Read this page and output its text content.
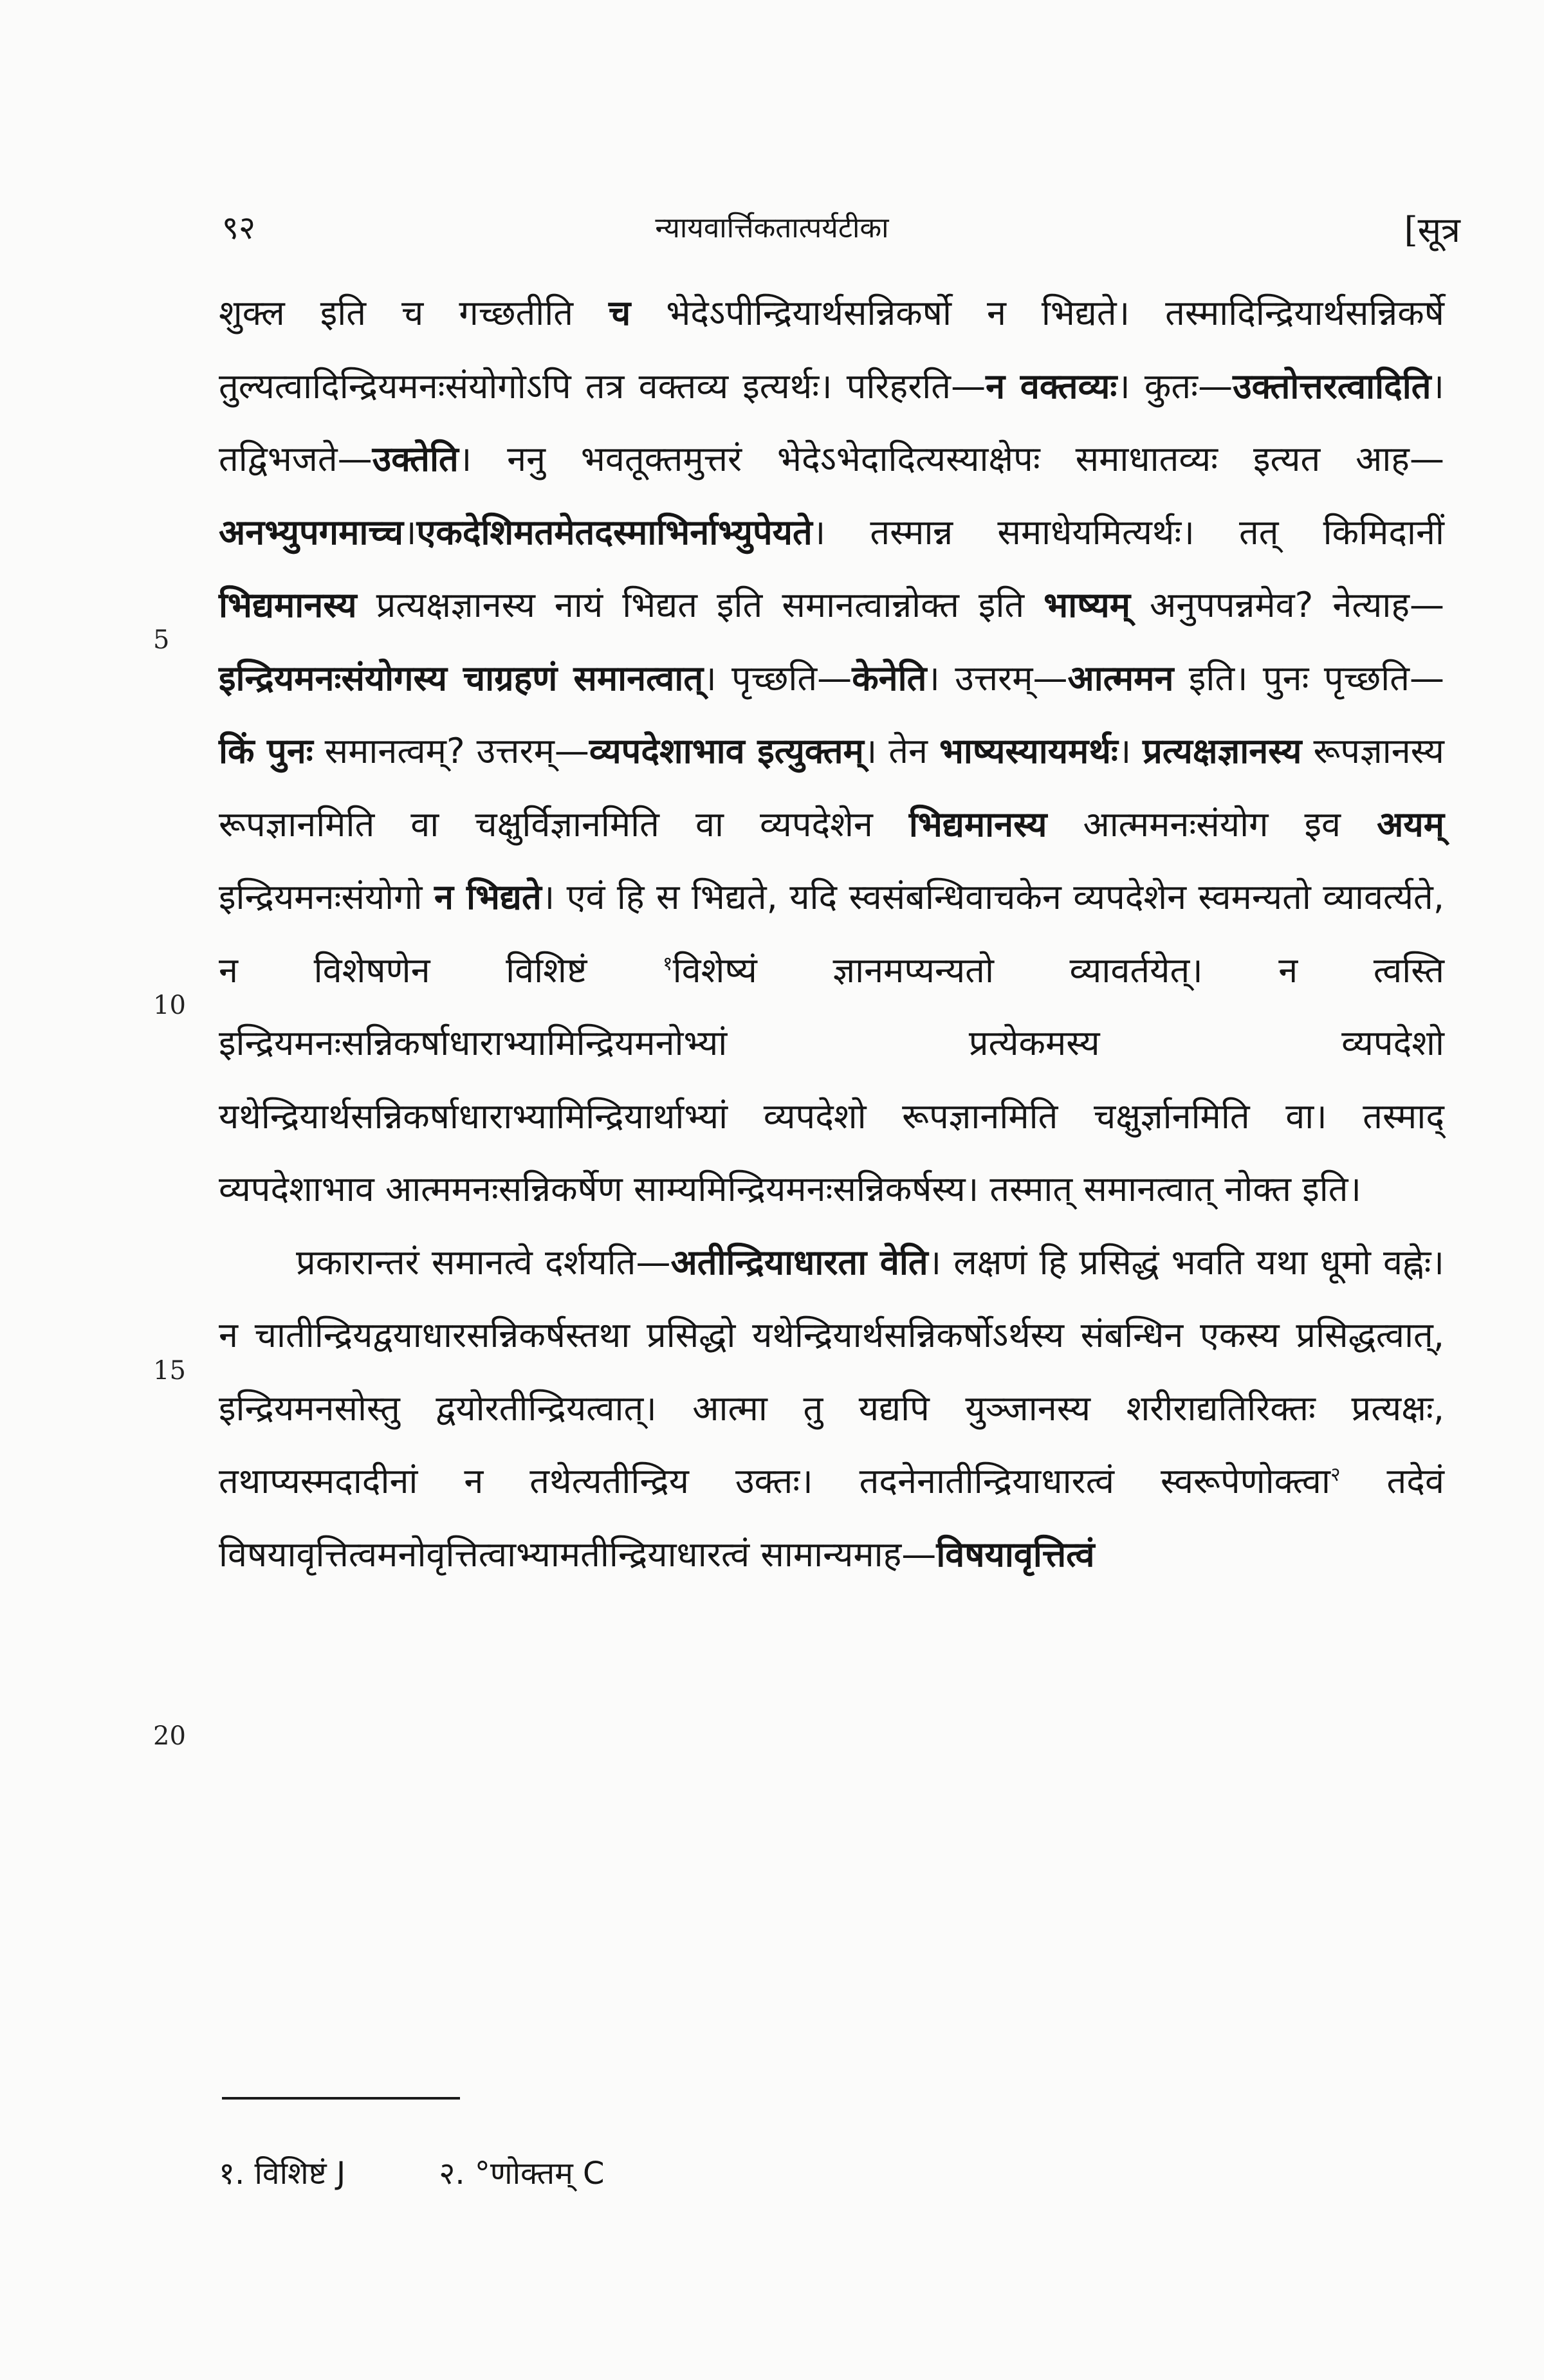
९२	न्यायवार्त्तिकतात्पर्यटीका	[सूत्र
5
10
15
20

शुक्ल इति च गच्छतीति च भेदेऽपीन्द्रियार्थसन्निकर्षो न भिद्यते। तस्मादिन्द्रियार्थसन्निकर्षे तुल्यत्वादिन्द्रियमनःसंयोगोऽपि तत्र वक्तव्य इत्यर्थः। परिहरति—न वक्तव्यः। कुतः—उक्तोत्तरत्वादिति। तद्विभजते—उक्तेति। ननु भवतूक्तमुत्तरं भेदेऽभेदादित्यस्याक्षेपः समाधातव्यः इत्यत आह—अनभ्युपगमाच्च।एकदेशिमतमेतदस्माभिर्नाभ्युपेयते। तस्मान्न समाधेयमित्यर्थः। तत् किमिदानीं भिद्यमानस्य प्रत्यक्षज्ञानस्य नायं भिद्यत इति समानत्वान्नोक्त इति भाष्यम् अनुपपन्नमेव? नेत्याह—इन्द्रियमनःसंयोगस्य चाग्रहणं समानत्वात्। पृच्छति—केनेति। उत्तरम्—आत्ममन इति। पुनः पृच्छति—किं पुनः समानत्वम्? उत्तरम्—व्यपदेशाभाव इत्युक्तम्। तेन भाष्यस्यायमर्थः। प्रत्यक्षज्ञानस्य रूपज्ञानस्य रूपज्ञानमिति वा चक्षुर्विज्ञानमिति वा व्यपदेशेन भिद्यमानस्य आत्ममनःसंयोग इव अयम् इन्द्रियमनःसंयोगो न भिद्यते। एवं हि स भिद्यते, यदि स्वसंबन्धिवाचकेन व्यपदेशेन स्वमन्यतो व्यावर्त्यते, न विशेषणेन विशिष्टं $^१$विशेष्यं ज्ञानमप्यन्यतो व्यावर्तयेत्। न त्वस्ति इन्द्रियमनःसन्निकर्षाधाराभ्यामिन्द्रियमनोभ्यां प्रत्येकमस्य व्यपदेशो यथेन्द्रियार्थसन्निकर्षाधाराभ्यामिन्द्रियार्थाभ्यां व्यपदेशो रूपज्ञानमिति चक्षुर्ज्ञानमिति वा। तस्माद् व्यपदेशाभाव आत्ममनःसन्निकर्षेण साम्यमिन्द्रियमनःसन्निकर्षस्य। तस्मात् समानत्वात् नोक्त इति।

प्रकारान्तरं समानत्वे दर्शयति—अतीन्द्रियाधारता वेति। लक्षणं हि प्रसिद्धं भवति यथा धूमो वह्नेः। न चातीन्द्रियद्वयाधारसन्निकर्षस्तथा प्रसिद्धो यथेन्द्रियार्थसन्निकर्षोऽर्थस्य संबन्धिन एकस्य प्रसिद्धत्वात्, इन्द्रियमनसोस्तु द्वयोरतीन्द्रियत्वात्। आत्मा तु यद्यपि युञ्जानस्य शरीराद्यतिरिक्तः प्रत्यक्षः, तथाप्यस्मदादीनां न तथेत्यतीन्द्रिय उक्तः। तदनेनातीन्द्रियाधारत्वं स्वरूपेणोक्त्वा$^२$ तदेवं विषयावृत्तित्वमनोवृत्तित्वाभ्यामतीन्द्रियाधारत्वं सामान्यमाह—विषयावृत्तित्वं

१. विशिष्टं J	२. °णोक्तम् C
